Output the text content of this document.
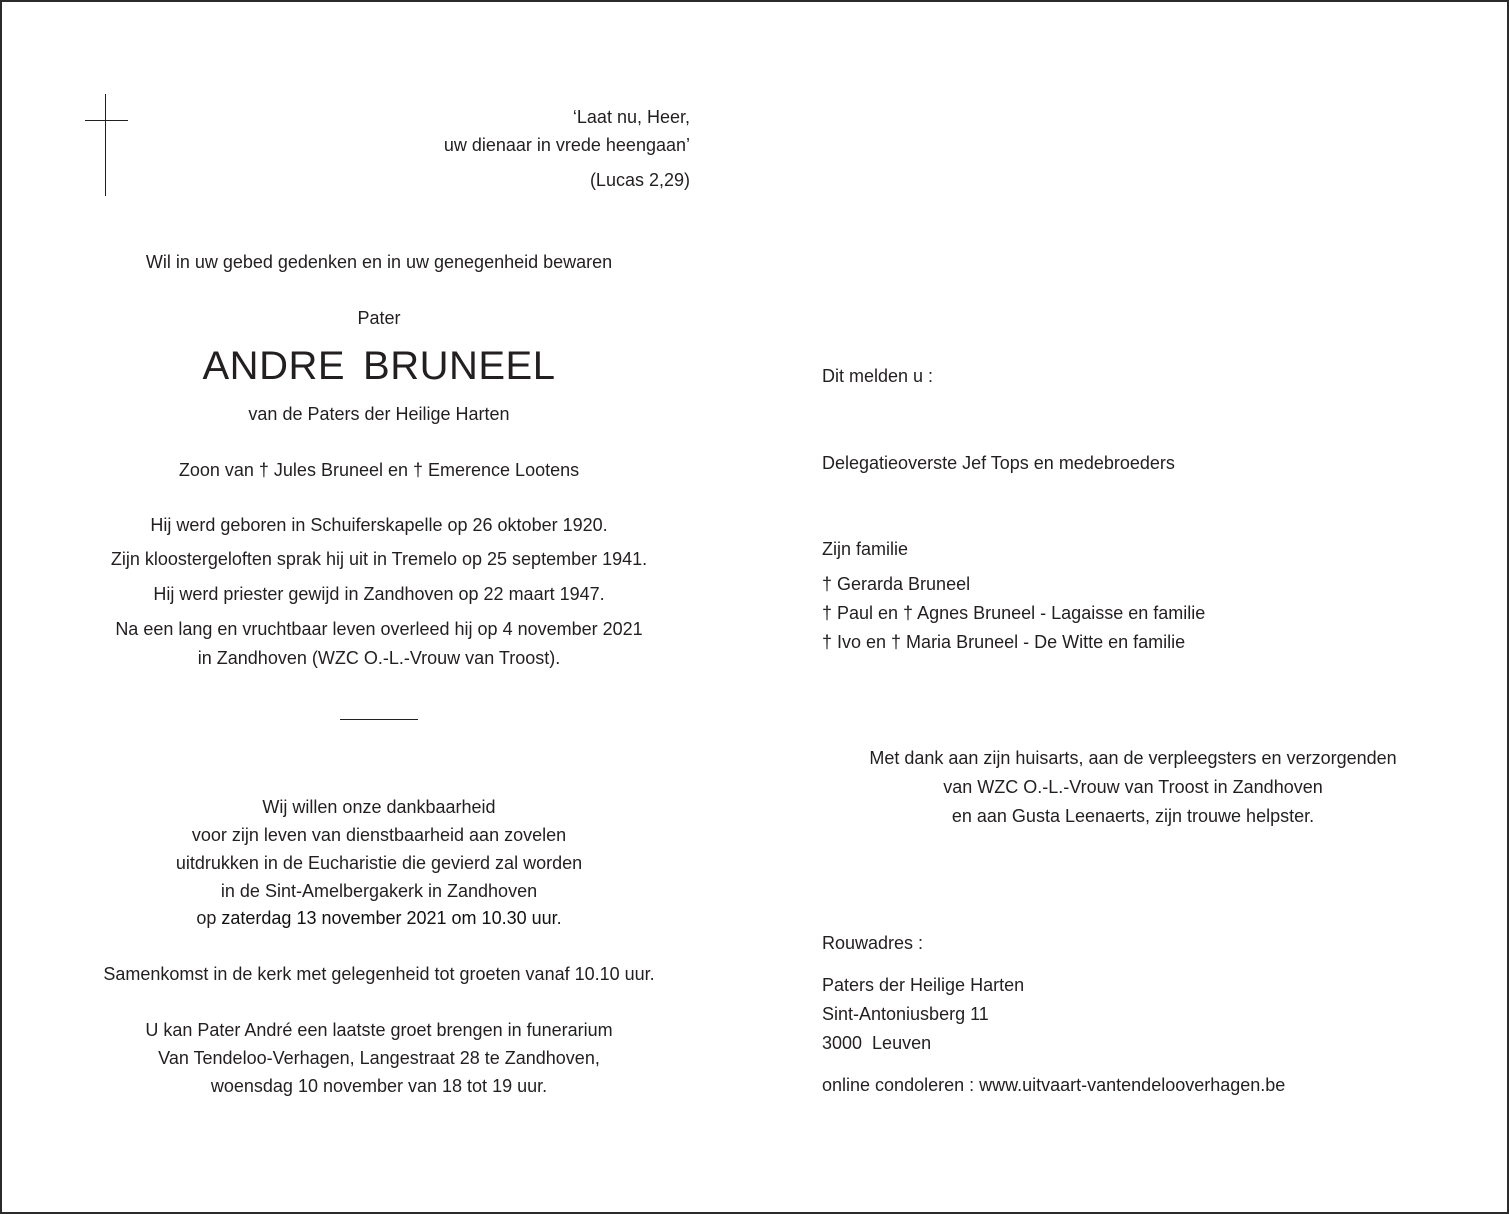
‘Laat nu, Heer,
uw dienaar in vrede heengaan’
(Lucas 2,29)
Wil in uw gebed gedenken en in uw genegenheid bewaren
Pater
ANDRE BRUNEEL
van de Paters der Heilige Harten
Zoon van † Jules Bruneel en † Emerence Lootens
Hij werd geboren in Schuiferskapelle op 26 oktober 1920.
Zijn kloostergeloften sprak hij uit in Tremelo op 25 september 1941.
Hij werd priester gewijd in Zandhoven op 22 maart 1947.
Na een lang en vruchtbaar leven overleed hij op 4 november 2021
in Zandhoven (WZC O.-L.-Vrouw van Troost).
Wij willen onze dankbaarheid
voor zijn leven van dienstbaarheid aan zovelen
uitdrukken in de Eucharistie die gevierd zal worden
in de Sint-Amelbergakerk in Zandhoven
op zaterdag 13 november 2021 om 10.30 uur.
Samenkomst in de kerk met gelegenheid tot groeten vanaf 10.10 uur.
U kan Pater André een laatste groet brengen in funerarium
Van Tendeloo-Verhagen, Langestraat 28 te Zandhoven,
woensdag 10 november van 18 tot 19 uur.
Dit melden u :
Delegatieoverste Jef Tops en medebroeders
Zijn familie
† Gerarda Bruneel
† Paul en † Agnes Bruneel - Lagaisse en familie
† Ivo en † Maria Bruneel - De Witte en familie
Met dank aan zijn huisarts, aan de verpleegsters en verzorgenden
van WZC O.-L.-Vrouw van Troost in Zandhoven
en aan Gusta Leenaerts, zijn trouwe helpster.
Rouwadres :
Paters der Heilige Harten
Sint-Antoniusberg 11
3000  Leuven
online condoleren : www.uitvaart-vantendelooverhagen.be
